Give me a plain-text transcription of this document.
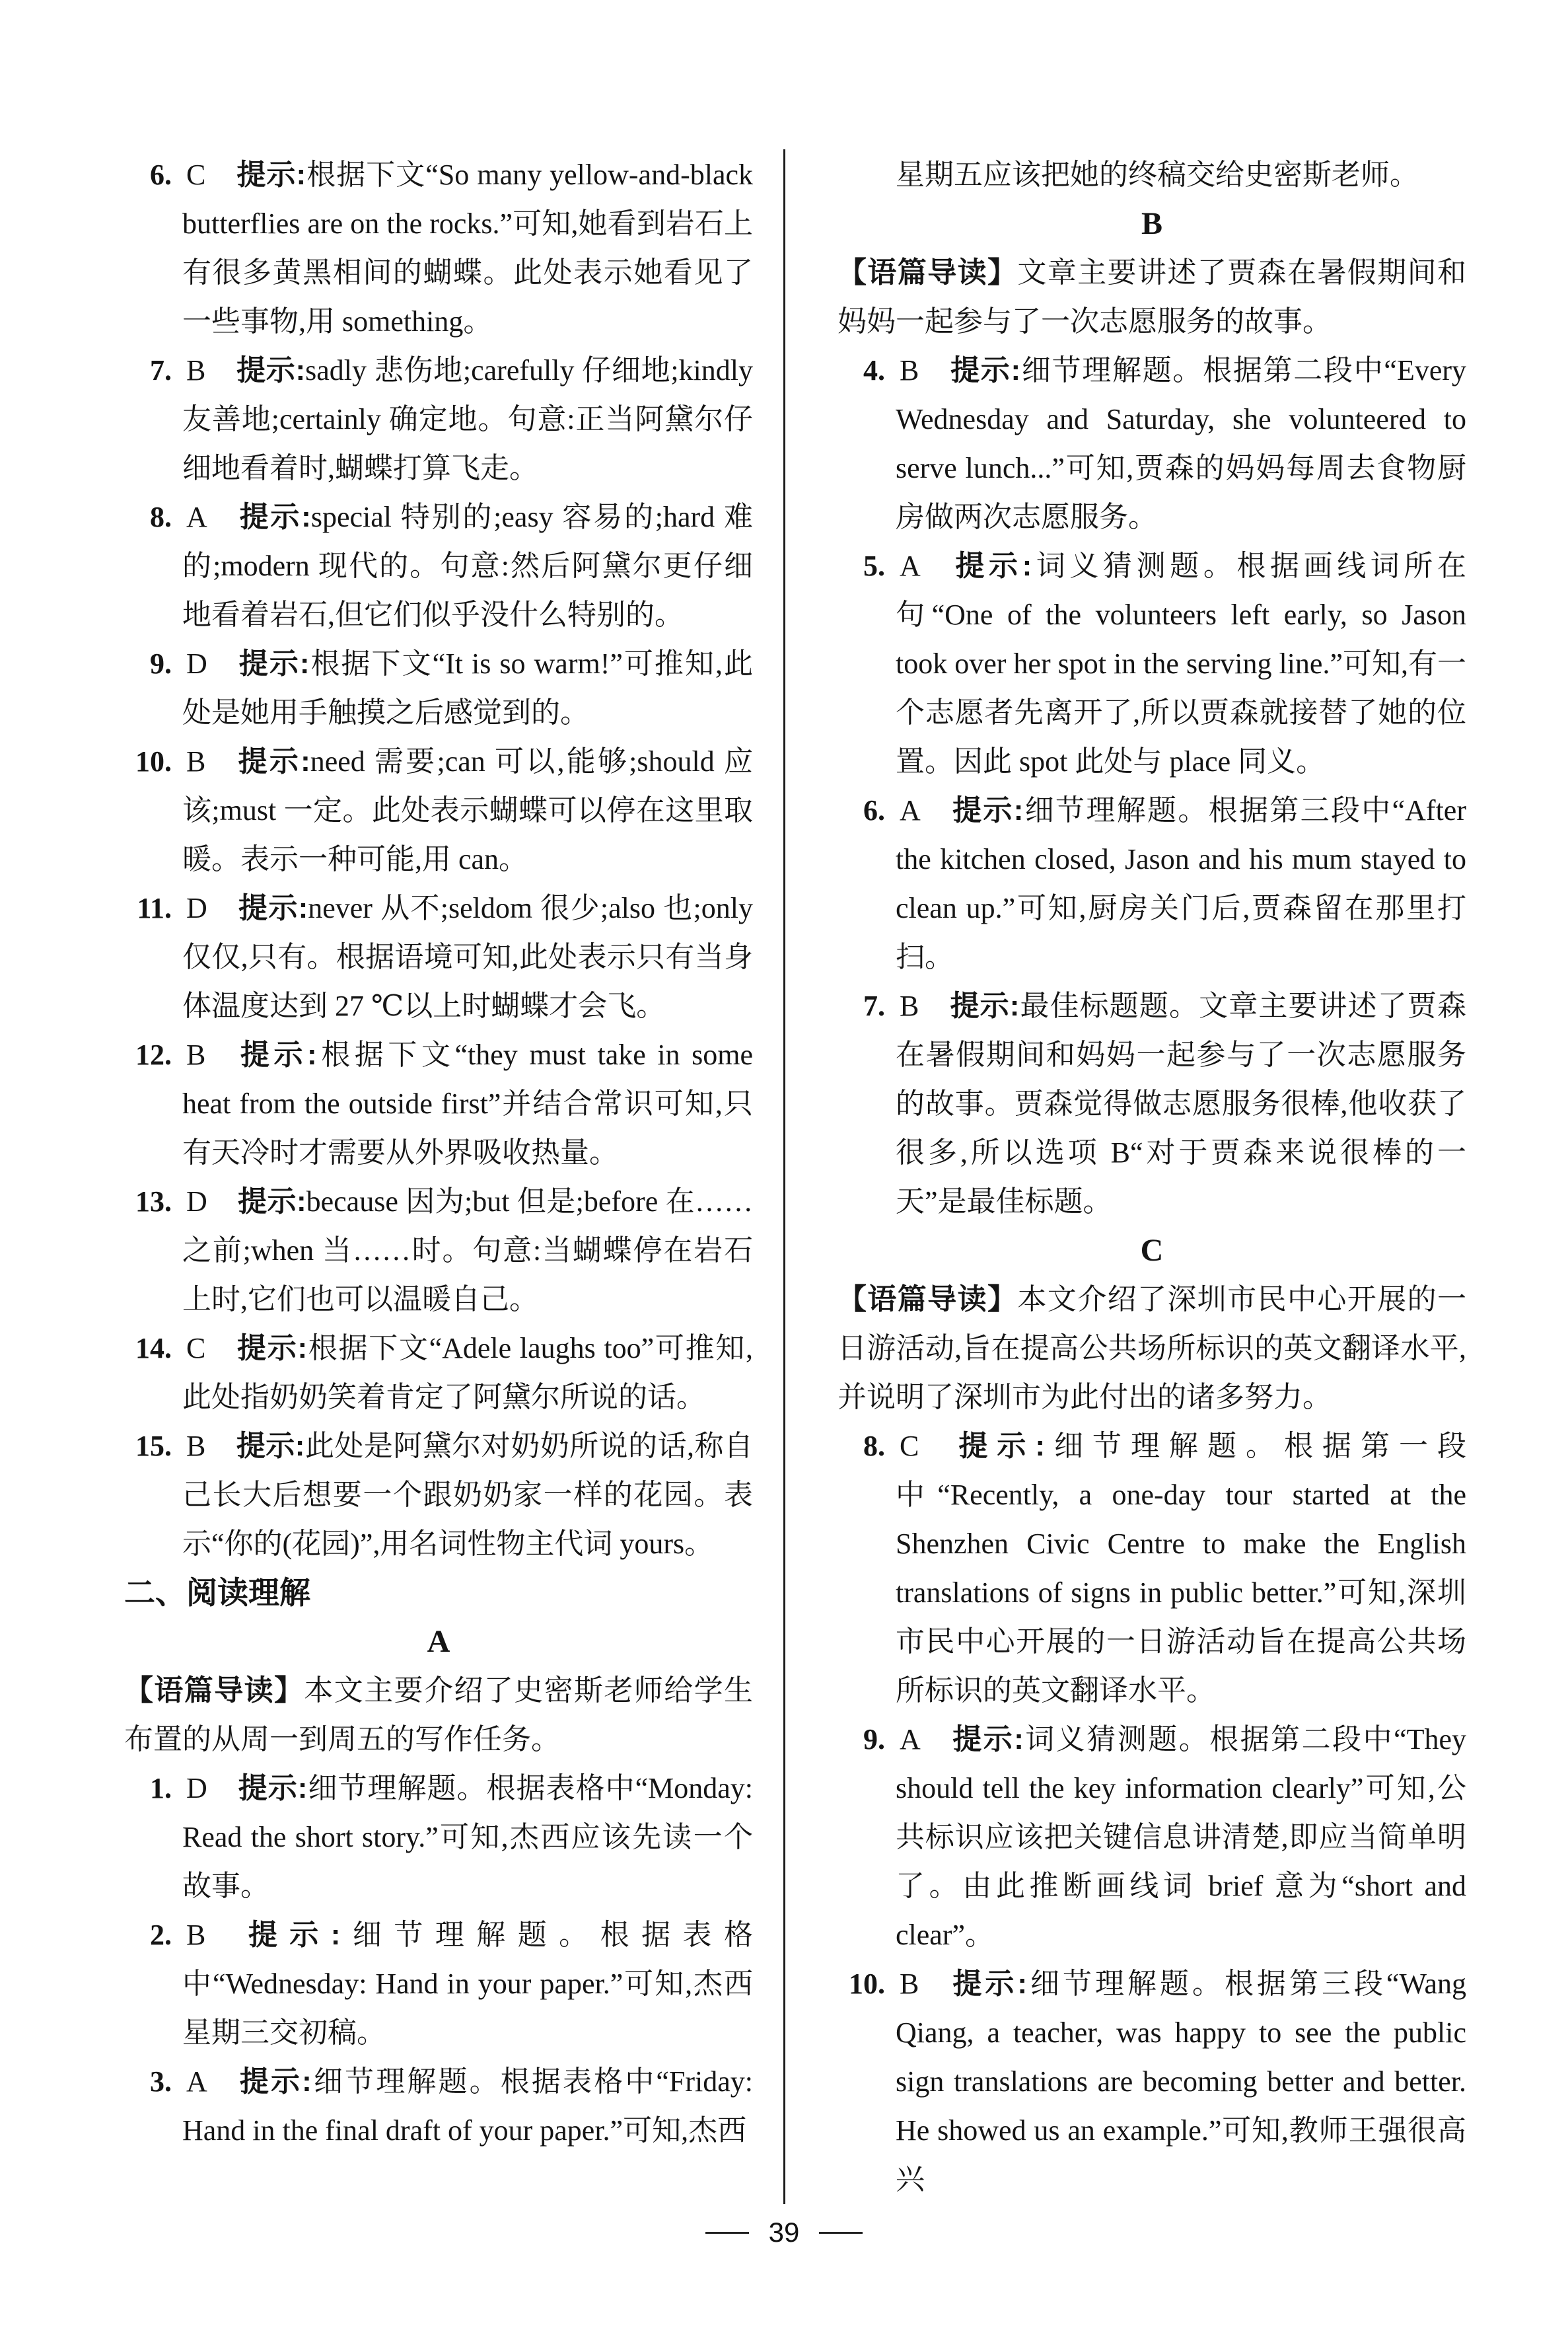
6. C 提示:根据下文“So many yellow-and-black butterflies are on the rocks.”可知,她看到岩石上有很多黄黑相间的蝴蝶。此处表示她看见了一些事物,用 something。

7. B 提示:sadly 悲伤地;carefully 仔细地;kindly 友善地;certainly 确定地。句意:正当阿黛尔仔细地看着时,蝴蝶打算飞走。

8. A 提示:special 特别的;easy 容易的;hard 难的;modern 现代的。句意:然后阿黛尔更仔细地看着岩石,但它们似乎没什么特别的。

9. D 提示:根据下文“It is so warm!”可推知,此处是她用手触摸之后感觉到的。

10. B 提示:need 需要;can 可以,能够;should 应该;must 一定。此处表示蝴蝶可以停在这里取暖。表示一种可能,用 can。

11. D 提示:never 从不;seldom 很少;also 也;only 仅仅,只有。根据语境可知,此处表示只有当身体温度达到 27 ℃以上时蝴蝶才会飞。

12. B 提示:根据下文“they must take in some heat from the outside first”并结合常识可知,只有天冷时才需要从外界吸收热量。

13. D 提示:because 因为;but 但是;before 在……之前;when 当……时。句意:当蝴蝶停在岩石上时,它们也可以温暖自己。

14. C 提示:根据下文“Adele laughs too”可推知,此处指奶奶笑着肯定了阿黛尔所说的话。

15. B 提示:此处是阿黛尔对奶奶所说的话,称自己长大后想要一个跟奶奶家一样的花园。表示“你的(花园)”,用名词性物主代词 yours。

二、阅读理解

A

【语篇导读】本文主要介绍了史密斯老师给学生布置的从周一到周五的写作任务。

1. D 提示:细节理解题。根据表格中“Monday: Read the short story.”可知,杰西应该先读一个故事。

2. B 提示:细节理解题。根据表格中“Wednesday: Hand in your paper.”可知,杰西星期三交初稿。

3. A 提示:细节理解题。根据表格中“Friday: Hand in the final draft of your paper.”可知,杰西

星期五应该把她的终稿交给史密斯老师。

B

【语篇导读】文章主要讲述了贾森在暑假期间和妈妈一起参与了一次志愿服务的故事。

4. B 提示:细节理解题。根据第二段中“Every Wednesday and Saturday, she volunteered to serve lunch...”可知,贾森的妈妈每周去食物厨房做两次志愿服务。

5. A 提示:词义猜测题。根据画线词所在句“One of the volunteers left early, so Jason took over her spot in the serving line.”可知,有一个志愿者先离开了,所以贾森就接替了她的位置。因此 spot 此处与 place 同义。

6. A 提示:细节理解题。根据第三段中“After the kitchen closed, Jason and his mum stayed to clean up.”可知,厨房关门后,贾森留在那里打扫。

7. B 提示:最佳标题题。文章主要讲述了贾森在暑假期间和妈妈一起参与了一次志愿服务的故事。贾森觉得做志愿服务很棒,他收获了很多,所以选项 B“对于贾森来说很棒的一天”是最佳标题。

C

【语篇导读】本文介绍了深圳市民中心开展的一日游活动,旨在提高公共场所标识的英文翻译水平,并说明了深圳市为此付出的诸多努力。

8. C 提示:细节理解题。根据第一段中“Recently, a one-day tour started at the Shenzhen Civic Centre to make the English translations of signs in public better.”可知,深圳市民中心开展的一日游活动旨在提高公共场所标识的英文翻译水平。

9. A 提示:词义猜测题。根据第二段中“They should tell the key information clearly”可知,公共标识应该把关键信息讲清楚,即应当简单明了。由此推断画线词 brief 意为“short and clear”。

10. B 提示:细节理解题。根据第三段“Wang Qiang, a teacher, was happy to see the public sign translations are becoming better and better. He showed us an example.”可知,教师王强很高兴

39
